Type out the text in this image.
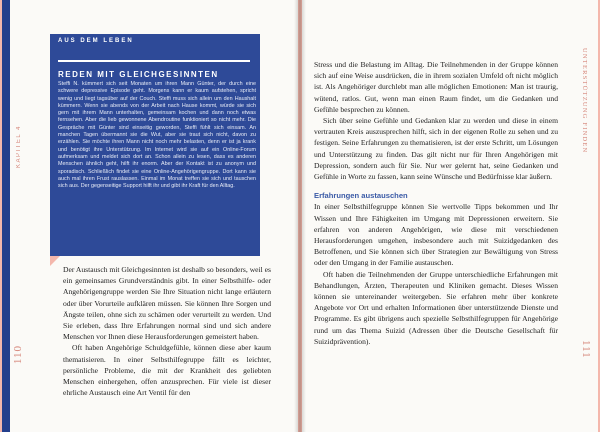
KAPITEL 4
AUS DEM LEBEN
REDEN MIT GLEICHGESINNTEN
Steffi N. kümmert sich seit Monaten um ihren Mann Günter, der durch eine schwere depressive Episode geht. Morgens kann er kaum aufstehen, spricht wenig und liegt tagsüber auf der Couch. Steffi muss sich allein um den Haushalt kümmern. Wenn sie abends von der Arbeit nach Hause kommt, würde sie sich gern mit ihrem Mann unterhalten, gemeinsam kochen und dann noch etwas fernsehen. Aber die lieb gewonnene Abendroutine funktioniert so nicht mehr. Die Gespräche mit Günter sind einseitig geworden, Steffi fühlt sich einsam. An manchen Tagen übermannt sie die Wut, aber sie traut sich nicht, davon zu erzählen. Sie möchte ihren Mann nicht noch mehr belasten, denn er ist ja krank und benötigt ihre Unterstützung. Im Internet wird sie auf ein Online-Forum aufmerksam und meldet sich dort an. Schon allein zu lesen, dass es anderen Menschen ähnlich geht, hilft ihr enorm. Aber der Kontakt ist zu anonym und sporadisch. Schließlich findet sie eine Online-Angehörigengruppe. Dort kann sie auch mal ihren Frust rauslassen. Einmal im Monat treffen sie sich und tauschen sich aus. Der gegenseitige Support hilft ihr und gibt ihr Kraft für den Alltag.

Der Austausch mit Gleichgesinnten ist deshalb so besonders, weil es ein gemeinsames Grundverständnis gibt. In einer Selbsthilfe- oder Angehörigengruppe werden Sie Ihre Situation nicht lange erläutern oder über Vorurteile aufklären müssen. Sie können Ihre Sorgen und Ängste teilen, ohne sich zu schämen oder verurteilt zu werden. Und Sie erleben, dass Ihre Erfahrungen normal sind und sich andere Menschen vor Ihnen diese Herausforderungen gemeistert haben.

Oft haben Angehörige Schuldgefühle, können diese aber kaum thematisieren. In einer Selbsthilfegruppe fällt es leichter, persönliche Probleme, die mit der Krankheit des geliebten Menschen einhergehen, offen anzusprechen. Für viele ist dieser ehrliche Austausch eine Art Ventil für den

110

Stress und die Belastung im Alltag. Die Teilnehmenden in der Gruppe können sich auf eine Weise ausdrücken, die in ihrem sozialen Umfeld oft nicht möglich ist. Als Angehöriger durchlebt man alle möglichen Emotionen: Man ist traurig, wütend, ratlos. Gut, wenn man einen Raum findet, um die Gedanken und Gefühle besprechen zu können.

Sich über seine Gefühle und Gedanken klar zu werden und diese in einem vertrauten Kreis auszusprechen hilft, sich in der eigenen Rolle zu sehen und zu festigen. Seine Erfahrungen zu thematisieren, ist der erste Schritt, um Lösungen und Unterstützung zu finden. Das gilt nicht nur für Ihren Angehörigen mit Depression, sondern auch für Sie. Nur wer gelernt hat, seine Gedanken und Gefühle in Worte zu fassen, kann seine Wünsche und Bedürfnisse klar äußern.

Erfahrungen austauschen

In einer Selbsthilfegruppe können Sie wertvolle Tipps bekommen und Ihr Wissen und Ihre Fähigkeiten im Umgang mit Depressionen erweitern. Sie erfahren von anderen Angehörigen, wie diese mit verschiedenen Herausforderungen umgehen, insbesondere auch mit Suizidgedanken des Betroffenen, und Sie können sich über Strategien zur Bewältigung von Stress oder den Umgang in der Familie austauschen.

Oft haben die Teilnehmenden der Gruppe unterschiedliche Erfahrungen mit Behandlungen, Ärzten, Therapeuten und Kliniken gemacht. Dieses Wissen können sie untereinander weitergeben. Sie erfahren mehr über konkrete Angebote vor Ort und erhalten Informationen über unterstützende Dienste und Programme. Es gibt übrigens auch spezielle Selbsthilfegruppen für Angehörige rund um das Thema Suizid (Adressen über die Deutsche Gesellschaft für Suizidprävention).

UNTERSTÜTZUNG FINDEN
111
